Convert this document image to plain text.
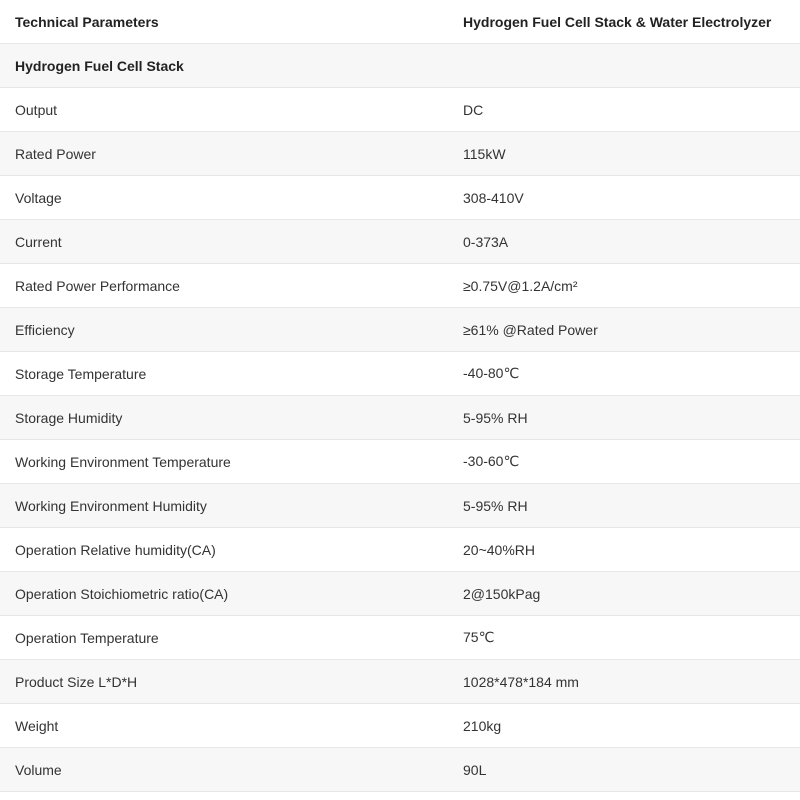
Technical Parameters	Hydrogen Fuel Cell Stack & Water Electrolyzer
Hydrogen Fuel Cell Stack	
Output	DC
Rated Power	115kW
Voltage	308-410V
Current	0-373A
Rated Power Performance	≥0.75V@1.2A/cm²
Efficiency	≥61% @Rated Power
Storage Temperature	-40-80℃
Storage Humidity	5-95% RH
Working Environment Temperature	-30-60℃
Working Environment Humidity	5-95% RH
Operation Relative humidity(CA)	20~40%RH
Operation Stoichiometric ratio(CA)	2@150kPag
Operation Temperature	75℃
Product Size L*D*H	1028*478*184 mm
Weight	210kg
Volume	90L
